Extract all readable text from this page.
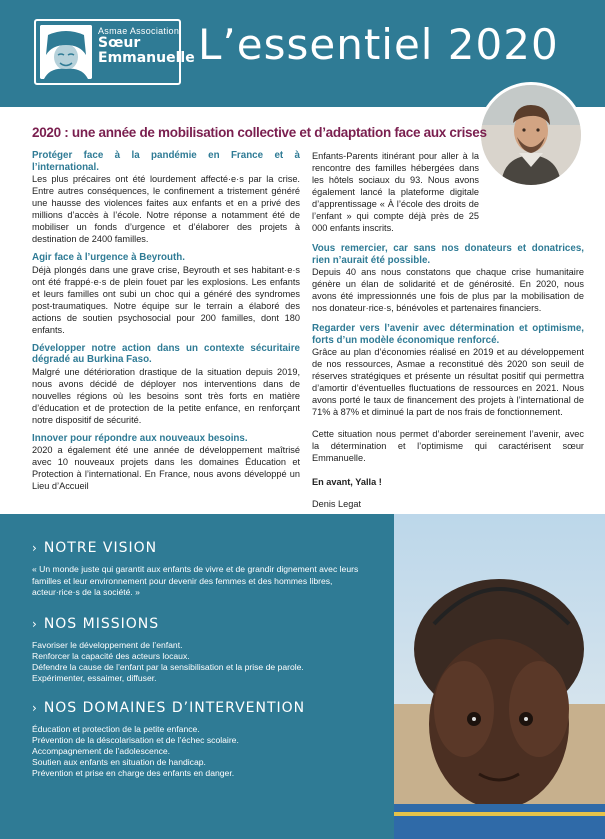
Asmae Association
Sœur
Emmanuelle L’essentiel 2020
2020 : une année de mobilisation collective et d’adaptation face aux crises
Protéger face à la pandémie en France et à l’international.
Les plus précaires ont été lourdement affecté·e·s par la crise. Entre autres conséquences, le confinement a tristement généré une hausse des violences faites aux enfants et en a privé des millions d’accès à l’école. Notre réponse a notamment été de mobiliser un fonds d’urgence et d’élaborer des projets à destination de 2400 familles.
Agir face à l’urgence à Beyrouth.
Déjà plongés dans une grave crise, Beyrouth et ses habitant·e·s ont été frappé·e·s de plein fouet par les explosions. Les enfants et leurs familles ont subi un choc qui a généré des syndromes post-traumatiques. Notre équipe sur le terrain a élaboré des actions de soutien psychosocial pour 200 familles, dont 180 enfants.
Développer notre action dans un contexte sécuritaire dégradé au Burkina Faso.
Malgré une détérioration drastique de la situation depuis 2019, nous avons décidé de déployer nos interventions dans de nouvelles régions où les besoins sont très forts en matière d’éducation et de protection de la petite enfance, en renforçant notre dispositif de sécurité.
Innover pour répondre aux nouveaux besoins.
2020 a également été une année de développement maîtrisé avec 10 nouveaux projets dans les domaines Éducation et Protection à l’international. En France, nous avons développé un Lieu d’Accueil
Enfants-Parents itinérant pour aller à la rencontre des familles hébergées dans les hôtels sociaux du 93. Nous avons également lancé la plateforme digitale d’apprentissage « À l’école des droits de l’enfant » qui compte déjà près de 25 000 enfants inscrits.
Vous remercier, car sans nos donateurs et donatrices, rien n’aurait été possible.
Depuis 40 ans nous constatons que chaque crise humanitaire génère un élan de solidarité et de générosité. En 2020, nous avons été impressionnés une fois de plus par la mobilisation de nos donateur·rice·s, bénévoles et partenaires financiers.
Regarder vers l’avenir avec détermination et optimisme, forts d’un modèle économique renforcé.
Grâce au plan d’économies réalisé en 2019 et au développement de nos ressources, Asmae a reconstitué dès 2020 son seuil de réserves stratégiques et présente un résultat positif qui permettra d’amortir d’éventuelles fluctuations de ressources en 2021. Nous avons porté le taux de financement des projets à l’international de 71% à 87% et diminué la part de nos frais de fonctionnement.
Cette situation nous permet d’aborder sereinement l’avenir, avec la détermination et l’optimisme qui caractérisent sœur Emmanuelle.
En avant, Yalla !
Denis Legat
› NOTRE VISION
« Un monde juste qui garantit aux enfants de vivre et de grandir dignement avec leurs familles et leur environnement pour devenir des femmes et des hommes libres, acteur·rice·s de la société. »
› NOS MISSIONS
Favoriser le développement de l’enfant.
Renforcer la capacité des acteurs locaux.
Défendre la cause de l’enfant par la sensibilisation et la prise de parole.
Expérimenter, essaimer, diffuser.
› NOS DOMAINES D’INTERVENTION
Éducation et protection de la petite enfance.
Prévention de la déscolarisation et de l’échec scolaire.
Accompagnement de l’adolescence.
Soutien aux enfants en situation de handicap.
Prévention et prise en charge des enfants en danger.
